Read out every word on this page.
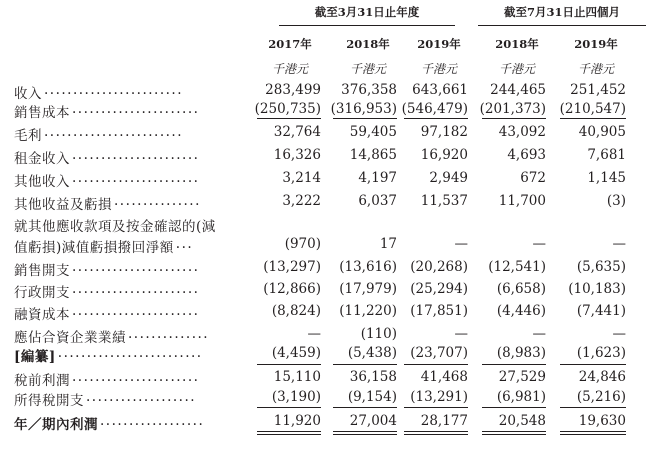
截至3月31日止年度	截至7月31日止四個月
2017年	2018年	2019年	2018年	2019年
千港元	千港元	千港元	千港元	千港元
收入 ........................	283,499	376,358	643,661	244,465	251,452
銷售成本 ......................	(250,735) (316,953) (546,479) (201,373)	(210,547)
毛利 ........................	32,764	59,405	97,182	43,092	40,905
租金收入 ......................	16,326	14,865	16,920	4,693	7,681
其他收入 ......................	3,214	4,197	2,949	672	1,145
其他收益及虧損 ...............	3,222	6,037	11,537	11,700	(3)
就其他應收款項及按金確認的(減
值虧損)減值虧損撥回淨額 ...	(970)	17	—	—	—
銷售開支 ......................	(13,297)	(13,616) (20,268)	(12,541)	(5,635)
行政開支 ......................	(12,866)	(17,979) (25,294)	(6,658)	(10,183)
融資成本 ......................	(8,824)	(11,220) (17,851)	(4,446)	(7,441)
應佔合資企業業績 ..............	—	(110)	—	—	—
[編纂] .........................	(4,459)	(5,438) (23,707)	(8,983)	(1,623)
稅前利潤 ......................	15,110	36,158	41,468	27,529	24,846
所得稅開支 ...................	(3,190)	(9,154) (13,291)	(6,981)	(5,216)
年／期內利潤 ..................	11,920	27,004	28,177	20,548	19,630
